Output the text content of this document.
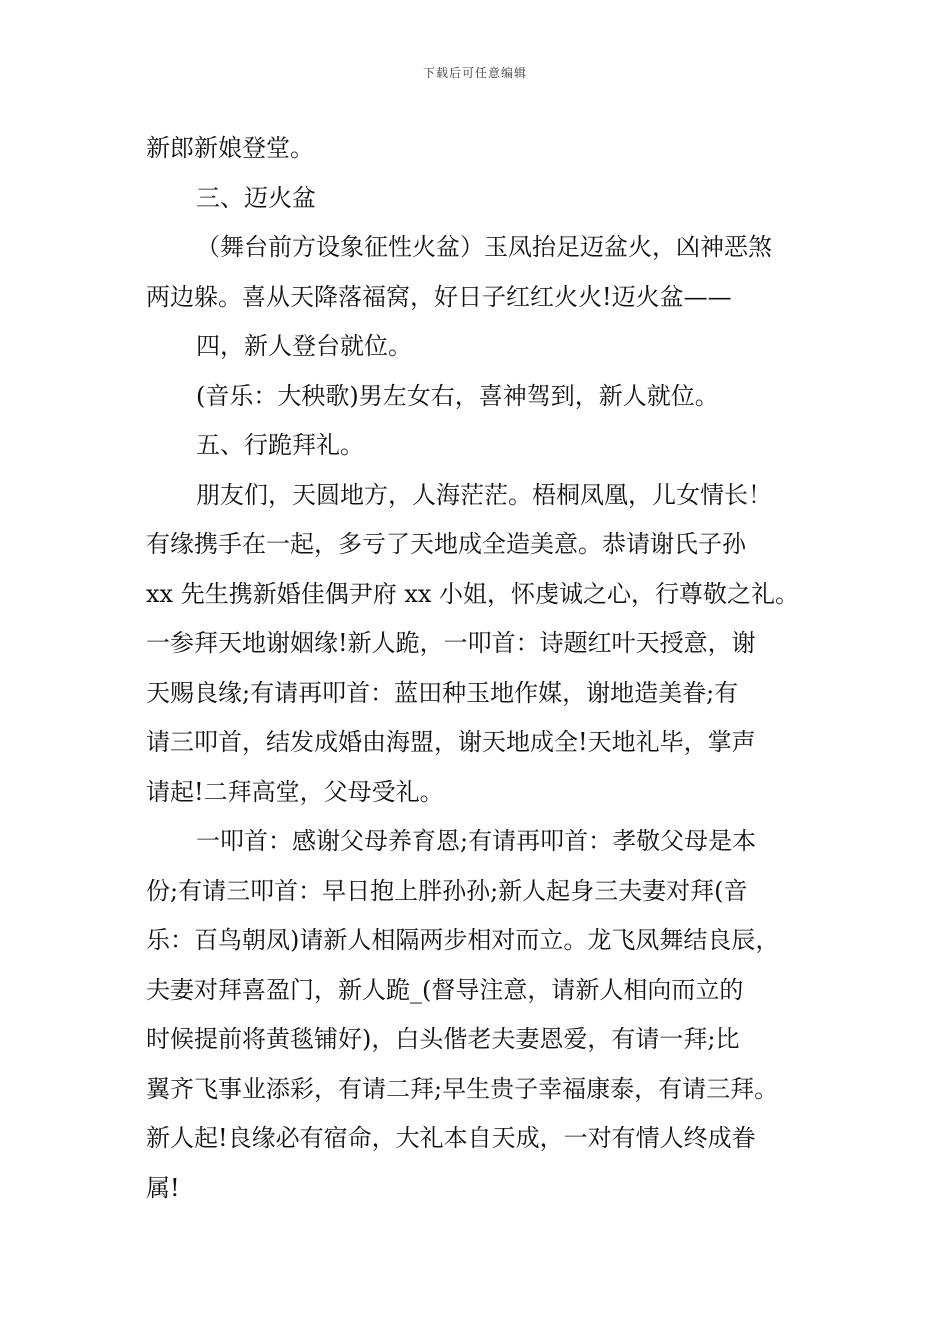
下载后可任意编辑
新郎新娘登堂。
三、迈火盆
（舞台前方设象征性火盆）玉凤抬足迈盆火，凶神恶煞
两边躲。喜从天降落福窝，好日子红红火火!迈火盆——
四，新人登台就位。
(音乐：大秧歌)男左女右，喜神驾到，新人就位。
五、行跪拜礼。
朋友们，天圆地方，人海茫茫。梧桐凤凰，儿女情长！
有缘携手在一起，多亏了天地成全造美意。恭请谢氏子孙
xx 先生携新婚佳偶尹府 xx 小姐，怀虔诚之心，行尊敬之礼。
一参拜天地谢姻缘!新人跪，一叩首：诗题红叶天授意，谢
天赐良缘;有请再叩首：蓝田种玉地作媒，谢地造美眷;有
请三叩首，结发成婚由海盟，谢天地成全!天地礼毕，掌声
请起!二拜高堂，父母受礼。
一叩首：感谢父母养育恩;有请再叩首：孝敬父母是本
份;有请三叩首：早日抱上胖孙孙;新人起身三夫妻对拜(音
乐：百鸟朝凤)请新人相隔两步相对而立。龙飞凤舞结良辰，
夫妻对拜喜盈门，新人跪_(督导注意，请新人相向而立的
时候提前将黄毯铺好)，白头偕老夫妻恩爱，有请一拜;比
翼齐飞事业添彩，有请二拜;早生贵子幸福康泰，有请三拜。
新人起!良缘必有宿命，大礼本自天成，一对有情人终成眷
属!
